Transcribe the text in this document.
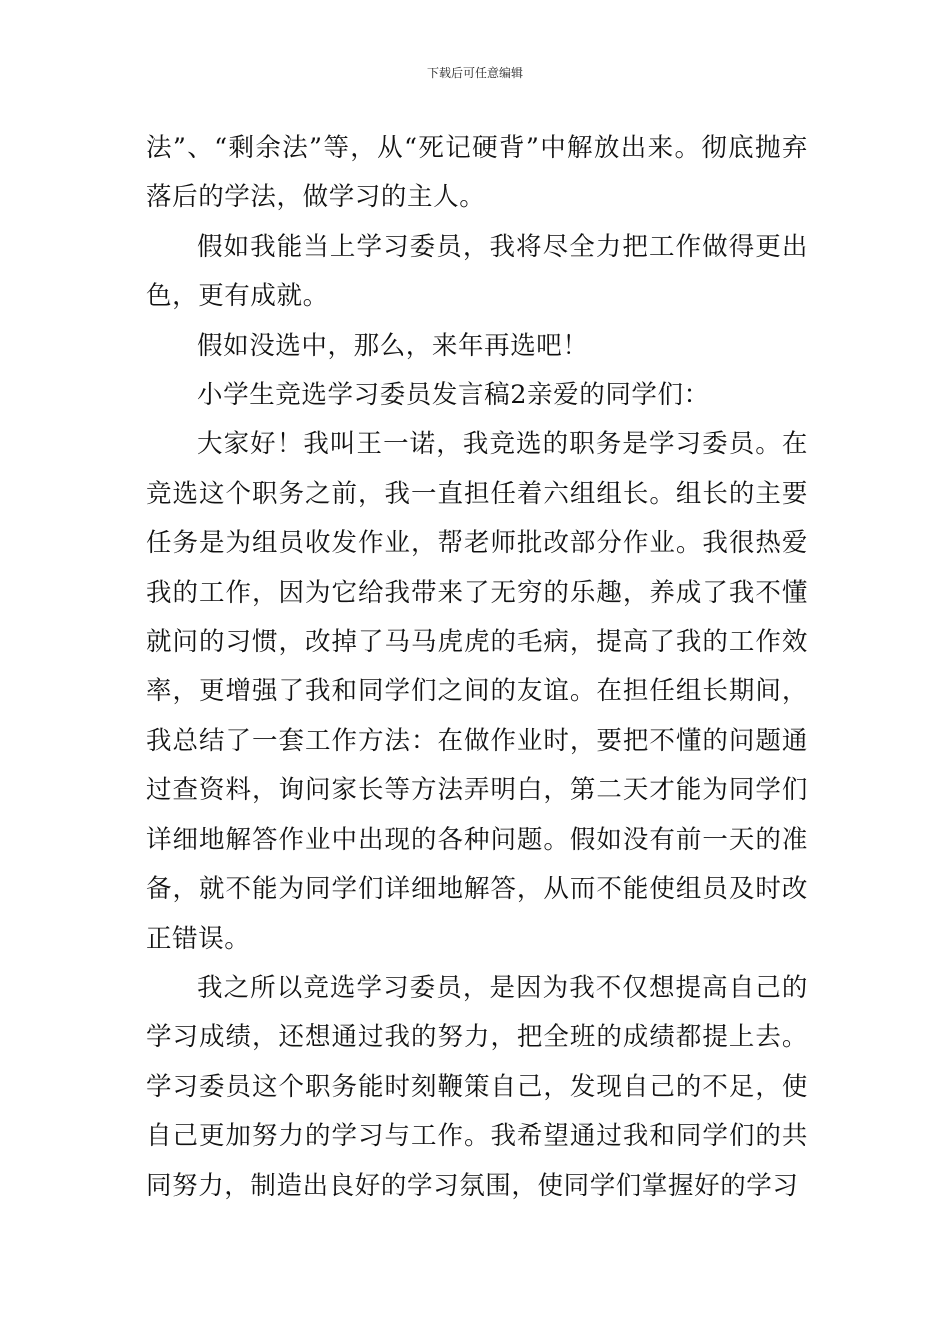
下载后可任意编辑

法”、“剩余法”等，从“死记硬背”中解放出来。彻底抛弃落后的学法，做学习的主人。

假如我能当上学习委员，我将尽全力把工作做得更出色，更有成就。

假如没选中，那么，来年再选吧！

小学生竞选学习委员发言稿2亲爱的同学们：

大家好！我叫王一诺，我竞选的职务是学习委员。在竞选这个职务之前，我一直担任着六组组长。组长的主要任务是为组员收发作业，帮老师批改部分作业。我很热爱我的工作，因为它给我带来了无穷的乐趣，养成了我不懂就问的习惯，改掉了马马虎虎的毛病，提高了我的工作效率，更增强了我和同学们之间的友谊。在担任组长期间，我总结了一套工作方法：在做作业时，要把不懂的问题通过查资料，询问家长等方法弄明白，第二天才能为同学们详细地解答作业中出现的各种问题。假如没有前一天的准备，就不能为同学们详细地解答，从而不能使组员及时改正错误。

我之所以竞选学习委员，是因为我不仅想提高自己的学习成绩，还想通过我的努力，把全班的成绩都提上去。学习委员这个职务能时刻鞭策自己，发现自己的不足，使自己更加努力的学习与工作。我希望通过我和同学们的共同努力，制造出良好的学习氛围，使同学们掌握好的学习
